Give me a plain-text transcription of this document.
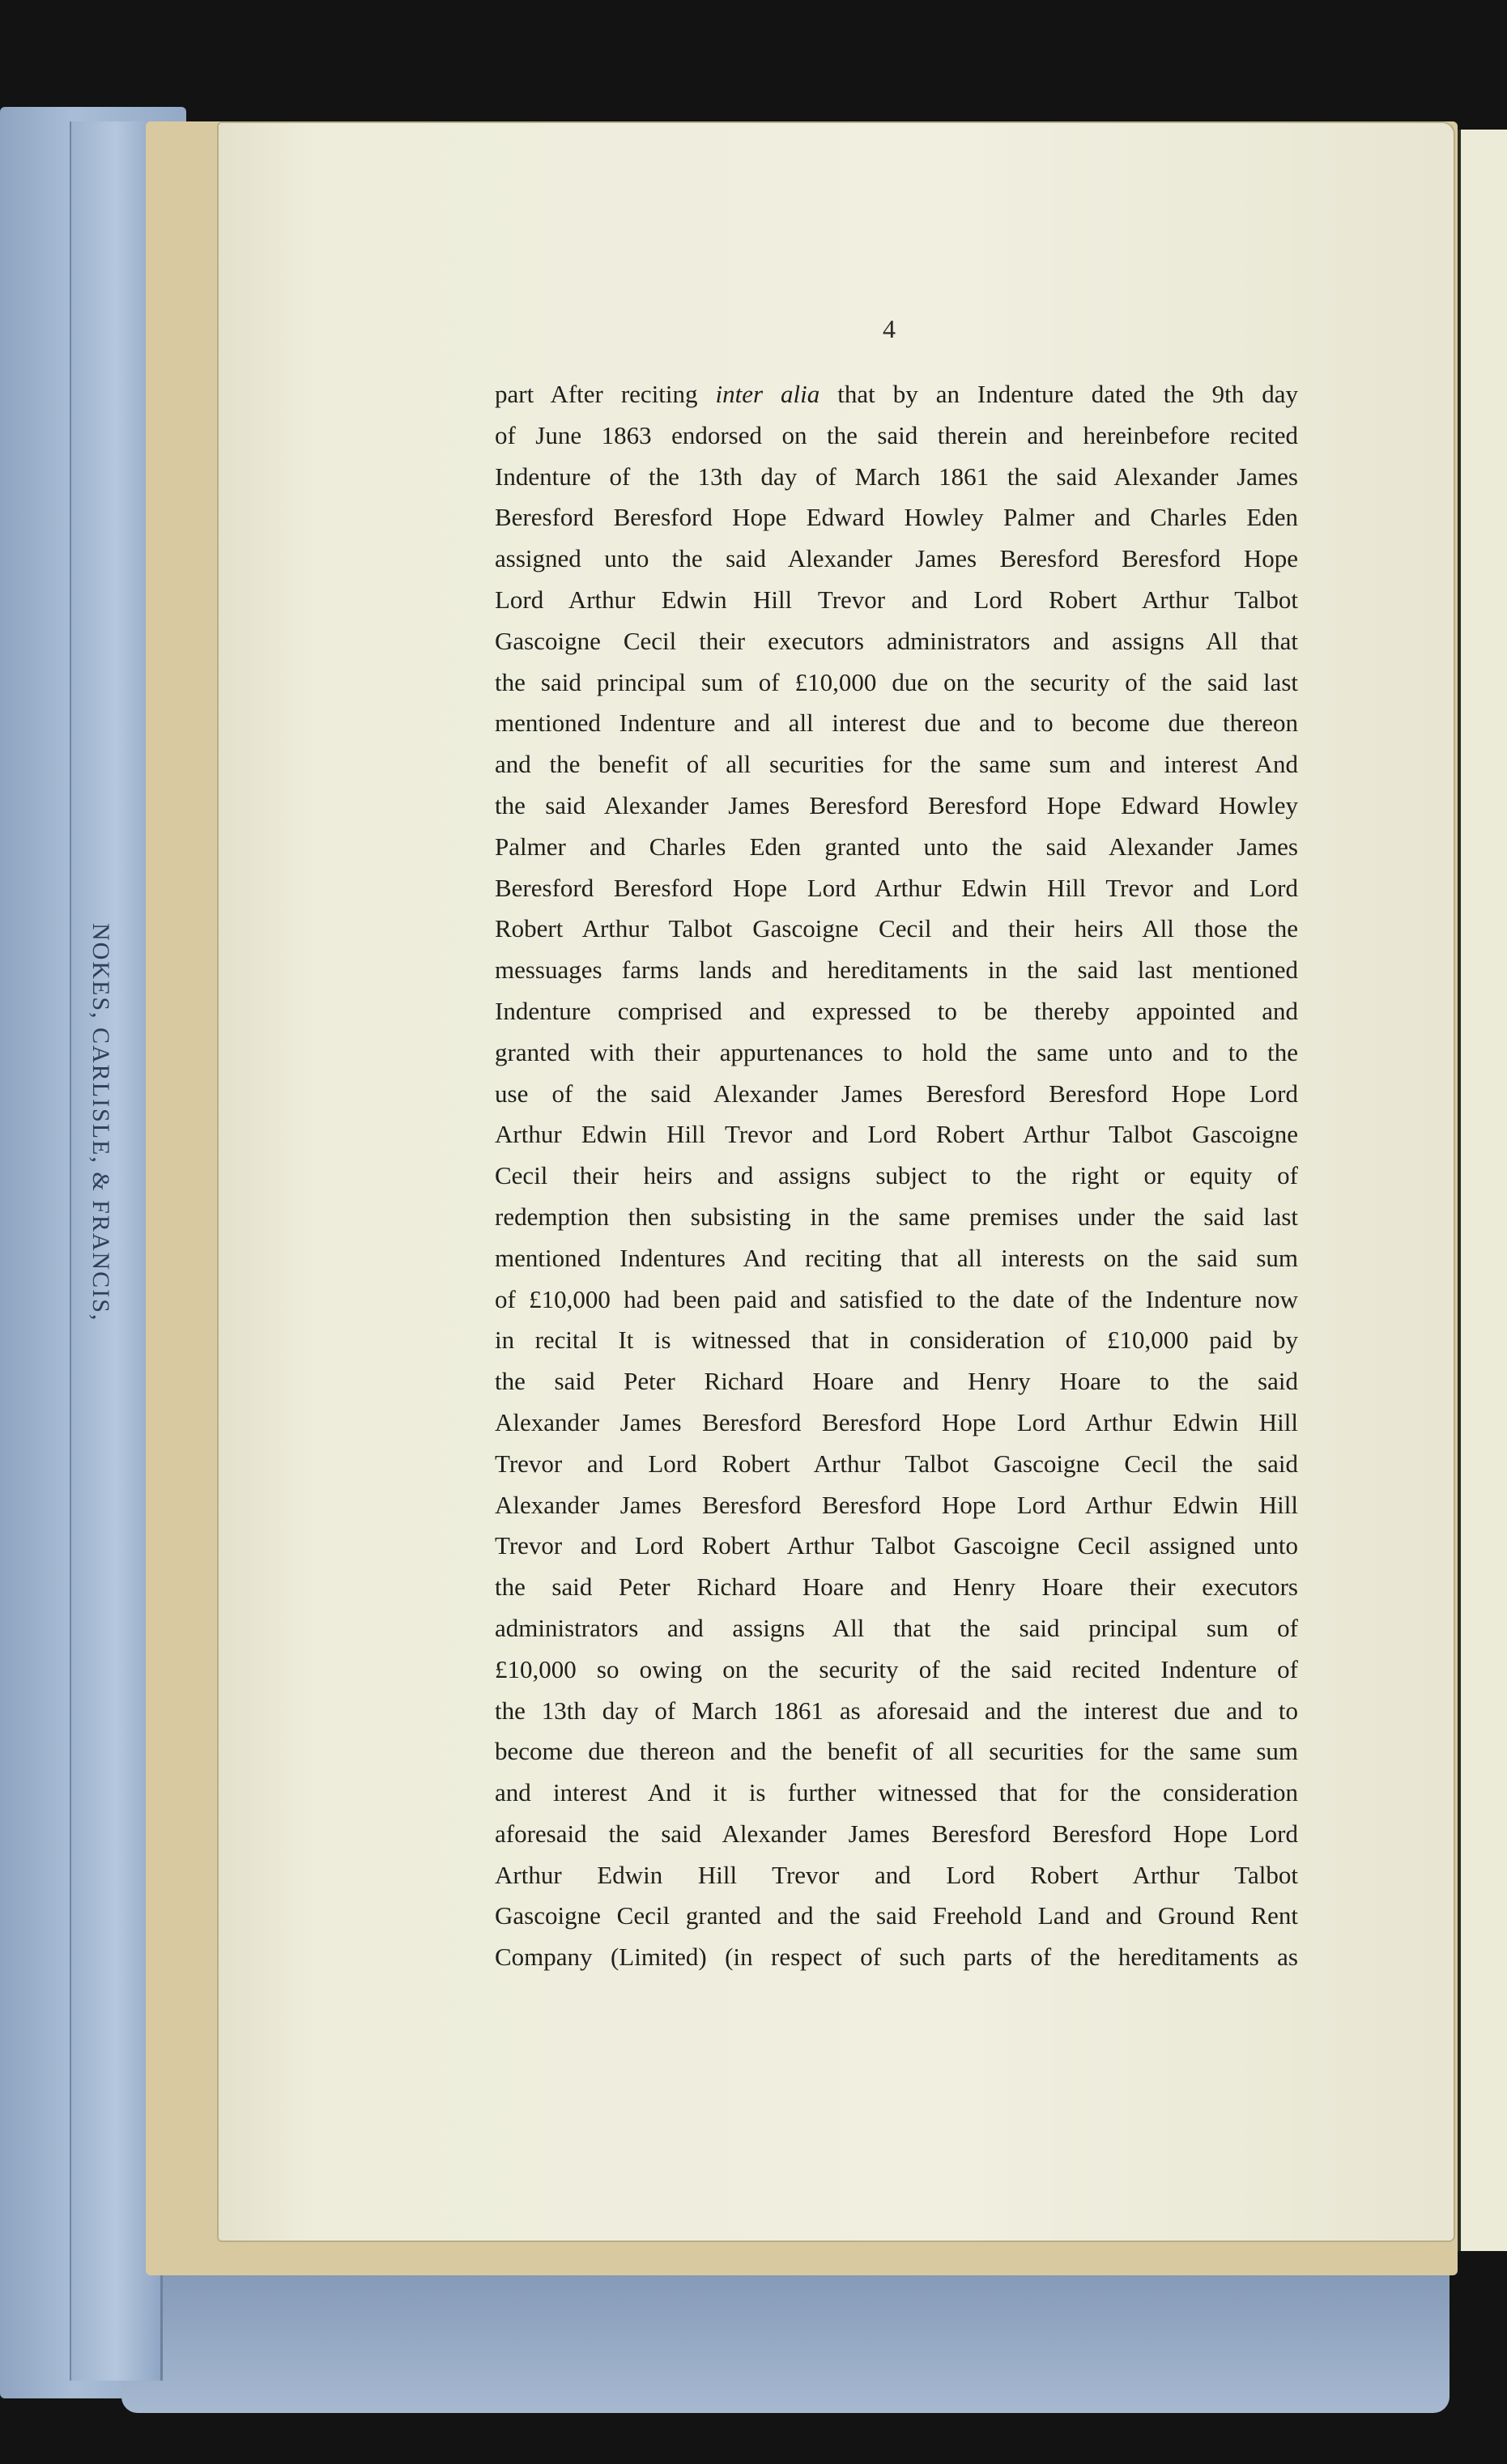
NOKES, CARLISLE, & FRANCIS,
4
part After reciting inter alia that by an Indenture dated the 9th day
of June 1863 endorsed on the said therein and hereinbefore recited
Indenture of the 13th day of March 1861 the said Alexander James
Beresford Beresford Hope Edward Howley Palmer and Charles Eden
assigned unto the said Alexander James Beresford Beresford Hope
Lord Arthur Edwin Hill Trevor and Lord Robert Arthur Talbot
Gascoigne Cecil their executors administrators and assigns All that
the said principal sum of £10,000 due on the security of the said last
mentioned Indenture and all interest due and to become due thereon
and the benefit of all securities for the same sum and interest And
the said Alexander James Beresford Beresford Hope Edward Howley
Palmer and Charles Eden granted unto the said Alexander James
Beresford Beresford Hope Lord Arthur Edwin Hill Trevor and Lord
Robert Arthur Talbot Gascoigne Cecil and their heirs All those the
messuages farms lands and hereditaments in the said last mentioned
Indenture comprised and expressed to be thereby appointed and
granted with their appurtenances to hold the same unto and to the
use of the said Alexander James Beresford Beresford Hope Lord
Arthur Edwin Hill Trevor and Lord Robert Arthur Talbot Gascoigne
Cecil their heirs and assigns subject to the right or equity of
redemption then subsisting in the same premises under the said last
mentioned Indentures And reciting that all interests on the said sum
of £10,000 had been paid and satisfied to the date of the Indenture now
in recital It is witnessed that in consideration of £10,000 paid by
the said Peter Richard Hoare and Henry Hoare to the said
Alexander James Beresford Beresford Hope Lord Arthur Edwin Hill
Trevor and Lord Robert Arthur Talbot Gascoigne Cecil the said
Alexander James Beresford Beresford Hope Lord Arthur Edwin Hill
Trevor and Lord Robert Arthur Talbot Gascoigne Cecil assigned unto
the said Peter Richard Hoare and Henry Hoare their executors
administrators and assigns All that the said principal sum of
£10,000 so owing on the security of the said recited Indenture of
the 13th day of March 1861 as aforesaid and the interest due and to
become due thereon and the benefit of all securities for the same sum
and interest And it is further witnessed that for the consideration
aforesaid the said Alexander James Beresford Beresford Hope Lord
Arthur Edwin Hill Trevor and Lord Robert Arthur Talbot
Gascoigne Cecil granted and the said Freehold Land and Ground Rent
Company (Limited) (in respect of such parts of the hereditaments as
